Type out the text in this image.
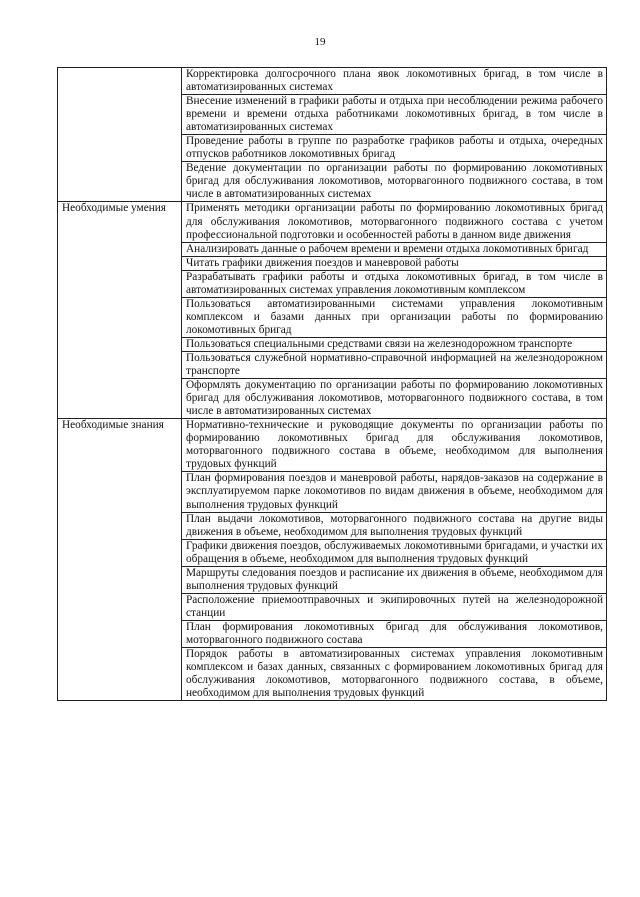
19
	Корректировка долгосрочного плана явок локомотивных бригад, в том числе в автоматизированных системах
	Внесение изменений в графики работы и отдыха при несоблюдении режима рабочего времени и времени отдыха работниками локомотивных бригад, в том числе в автоматизированных системах
	Проведение работы в группе по разработке графиков работы и отдыха, очередных отпусков работников локомотивных бригад
	Ведение документации по организации работы по формированию локомотивных бригад для обслуживания локомотивов, моторвагонного подвижного состава, в том числе в автоматизированных системах
Необходимые умения	Применять методики организации работы по формированию локомотивных бригад для обслуживания локомотивов, моторвагонного подвижного состава с учетом профессиональной подготовки и особенностей работы в данном виде движения
	Анализировать данные о рабочем времени и времени отдыха локомотивных бригад
	Читать графики движения поездов и маневровой работы
	Разрабатывать графики работы и отдыха локомотивных бригад, в том числе в автоматизированных системах управления локомотивным комплексом
	Пользоваться автоматизированными системами управления локомотивным комплексом и базами данных при организации работы по формированию локомотивных бригад
	Пользоваться специальными средствами связи на железнодорожном транспорте
	Пользоваться служебной нормативно-справочной информацией на железнодорожном транспорте
	Оформлять документацию по организации работы по формированию локомотивных бригад для обслуживания локомотивов, моторвагонного подвижного состава, в том числе в автоматизированных системах
Необходимые знания	Нормативно-технические и руководящие документы по организации работы по формированию локомотивных бригад для обслуживания локомотивов, моторвагонного подвижного состава в объеме, необходимом для выполнения трудовых функций
	План формирования поездов и маневровой работы, нарядов-заказов на содержание в эксплуатируемом парке локомотивов по видам движения в объеме, необходимом для выполнения трудовых функций
	План выдачи локомотивов, моторвагонного подвижного состава на другие виды движения в объеме, необходимом для выполнения трудовых функций
	Графики движения поездов, обслуживаемых локомотивными бригадами, и участки их обращения в объеме, необходимом для выполнения трудовых функций
	Маршруты следования поездов и расписание их движения в объеме, необходимом для выполнения трудовых функций
	Расположение приемоотправочных и экипировочных путей на железнодорожной станции
	План формирования локомотивных бригад для обслуживания локомотивов, моторвагонного подвижного состава
	Порядок работы в автоматизированных системах управления локомотивным комплексом и базах данных, связанных с формированием локомотивных бригад для обслуживания локомотивов, моторвагонного подвижного состава, в объеме, необходимом для выполнения трудовых функций
